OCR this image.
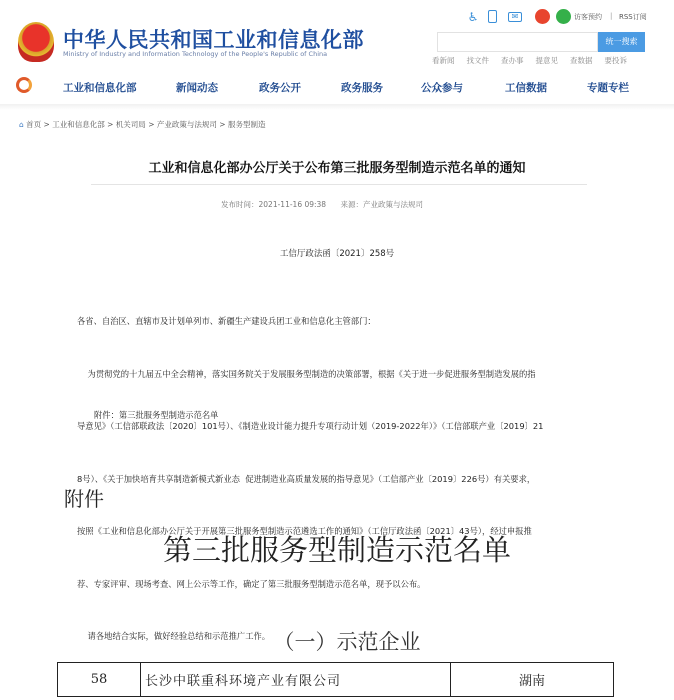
中华人民共和国工业和信息化部
Ministry of Industry and Information Technology of the People's Republic of China
♿	✉	访客预约 | RSS订阅
统一搜索
看新闻 找文件 查办事 提意见 查数据 要投诉
工业和信息化部	新闻动态	政务公开	政务服务	公众参与	工信数据	专题专栏
⌂ 首页 > 工业和信息化部 > 机关司局 > 产业政策与法规司 > 服务型制造
工业和信息化部办公厅关于公布第三批服务型制造示范名单的通知
发布时间：2021-11-16 09:38 来源：产业政策与法规司
工信厅政法函〔2021〕258号

各省、自治区、直辖市及计划单列市、新疆生产建设兵团工业和信息化主管部门：

为贯彻党的十九届五中全会精神，落实国务院关于发展服务型制造的决策部署，根据《关于进一步促进服务型制造发展的指

导意见》（工信部联政法〔2020〕101号）、《制造业设计能力提升专项行动计划（2019-2022年）》（工信部联产业〔2019〕21

8号）、《关于加快培育共享制造新模式新业态  促进制造业高质量发展的指导意见》（工信部产业〔2019〕226号）有关要求，

按照《工业和信息化部办公厅关于开展第三批服务型制造示范遴选工作的通知》（工信厅政法函〔2021〕43号），经过申报推

荐、专家评审、现场考查、网上公示等工作，确定了第三批服务型制造示范名单，现予以公布。

请各地结合实际，做好经验总结和示范推广工作。

附件：第三批服务型制造示范名单
附件
第三批服务型制造示范名单
（一）示范企业
58	长沙中联重科环境产业有限公司	湖南
